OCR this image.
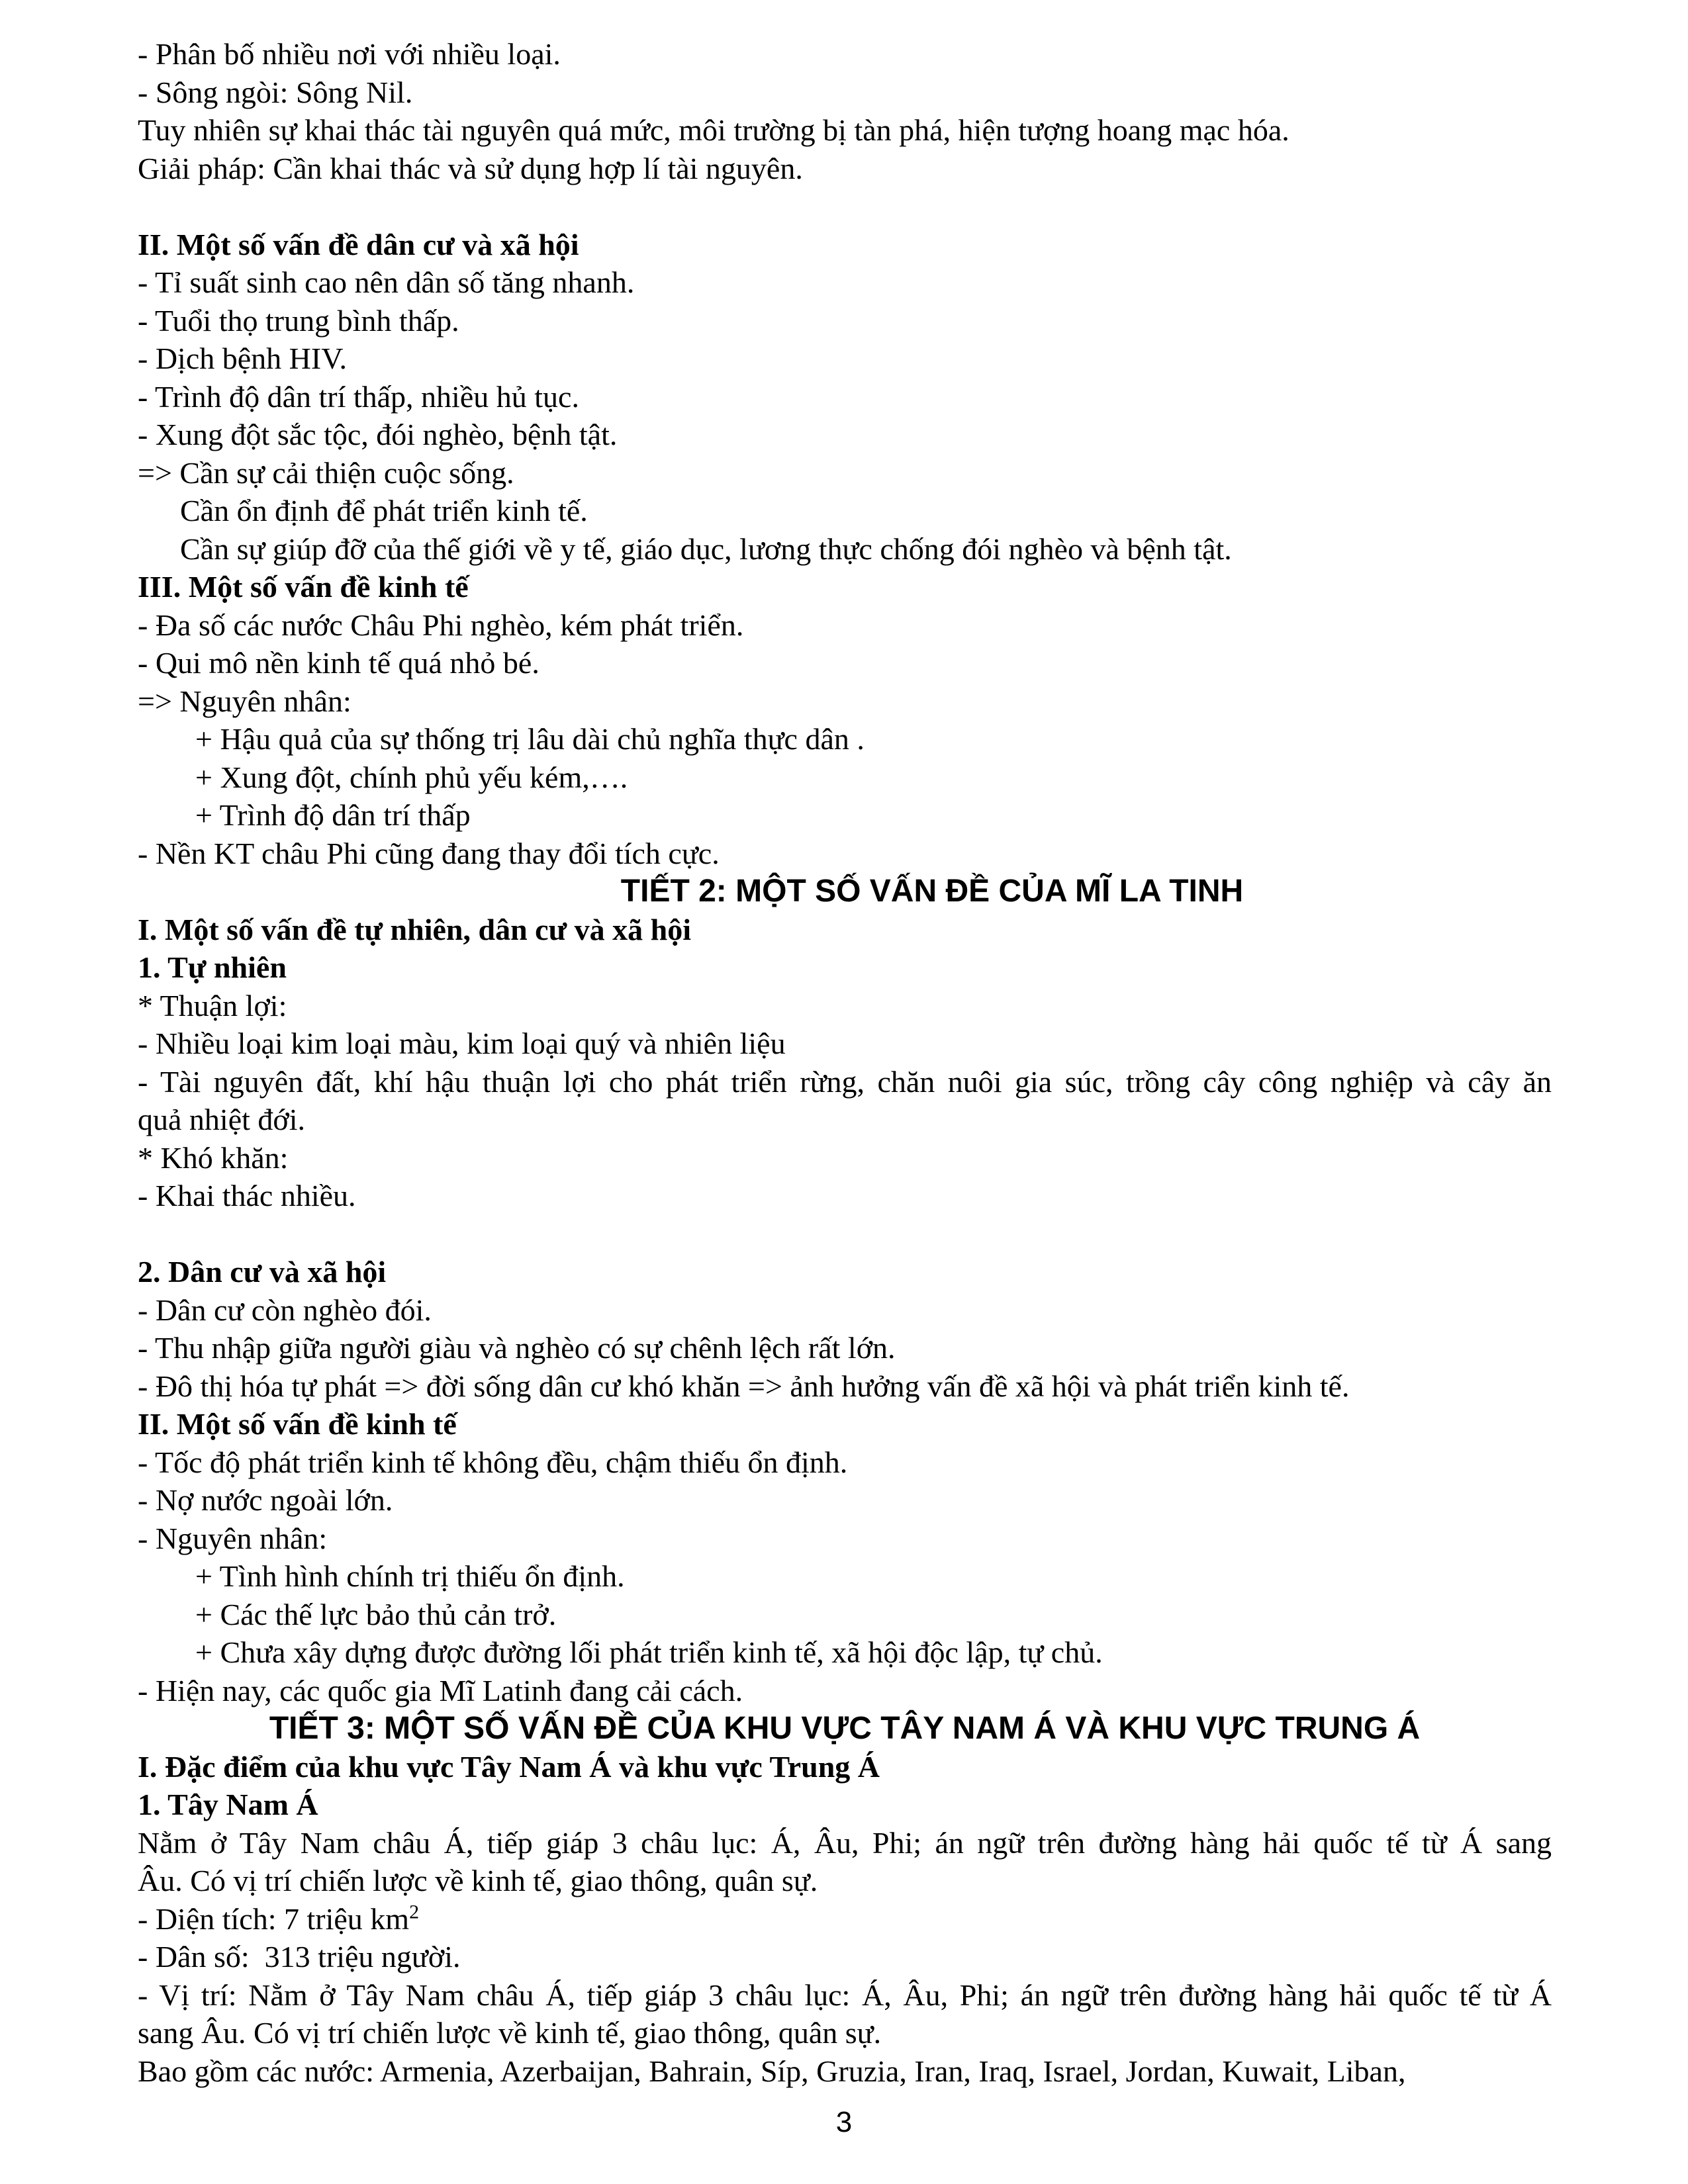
- Phân bố nhiều nơi với nhiều loại.
- Sông ngòi: Sông Nil.
Tuy nhiên sự khai thác tài nguyên quá mức, môi trường bị tàn phá, hiện tượng hoang mạc hóa.
Giải pháp: Cần khai thác và sử dụng hợp lí tài nguyên.
II. Một số vấn đề dân cư và xã hội
- Tỉ suất sinh cao nên dân số tăng nhanh.
- Tuổi thọ trung bình thấp.
- Dịch bệnh HIV.
- Trình độ dân trí thấp, nhiều hủ tục.
- Xung đột sắc tộc, đói nghèo, bệnh tật.
=> Cần sự cải thiện cuộc sống.
Cần ổn định để phát triển kinh tế.
Cần sự giúp đỡ của thế giới về y tế, giáo dục, lương thực chống đói nghèo và bệnh tật.
III. Một số vấn đề kinh tế
- Đa số các nước Châu Phi nghèo, kém phát triển.
- Qui mô nền kinh tế quá nhỏ bé.
=> Nguyên nhân:
+ Hậu quả của sự thống trị lâu dài chủ nghĩa thực dân .
+ Xung đột, chính phủ yếu kém,….
+ Trình độ dân trí thấp
- Nền KT châu Phi cũng đang thay đổi tích cực.
TIẾT 2: MỘT SỐ VẤN ĐỀ CỦA MĨ LA TINH
I. Một số vấn đề tự nhiên, dân cư và xã hội
1. Tự nhiên
* Thuận lợi:
- Nhiều loại kim loại màu, kim loại quý và nhiên liệu
- Tài nguyên đất, khí hậu thuận lợi cho phát triển rừng, chăn nuôi gia súc, trồng cây công nghiệp và cây ăn
quả nhiệt đới.
* Khó khăn:
- Khai thác nhiều.
2. Dân cư và xã hội
- Dân cư còn nghèo đói.
- Thu nhập giữa người giàu và nghèo có sự chênh lệch rất lớn.
- Đô thị hóa tự phát => đời sống dân cư khó khăn => ảnh hưởng vấn đề xã hội và phát triển kinh tế.
II. Một số vấn đề kinh tế
- Tốc độ phát triển kinh tế không đều, chậm thiếu ổn định.
- Nợ nước ngoài lớn.
- Nguyên nhân:
+ Tình hình chính trị thiếu ổn định.
+ Các thế lực bảo thủ cản trở.
+ Chưa xây dựng được đường lối phát triển kinh tế, xã hội độc lập, tự chủ.
- Hiện nay, các quốc gia Mĩ Latinh đang cải cách.
TIẾT 3: MỘT SỐ VẤN ĐỀ CỦA KHU VỰC TÂY NAM Á VÀ KHU VỰC TRUNG Á
I. Đặc điểm của khu vực Tây Nam Á và khu vực Trung Á
1. Tây Nam Á
Nằm ở Tây Nam châu Á, tiếp giáp 3 châu lục: Á, Âu, Phi; án ngữ trên đường hàng hải quốc tế từ Á sang
Âu. Có vị trí chiến lược về kinh tế, giao thông, quân sự.
- Diện tích: 7 triệu $km^2$
- Dân số:  313 triệu người.
- Vị trí: Nằm ở Tây Nam châu Á, tiếp giáp 3 châu lục: Á, Âu, Phi; án ngữ trên đường hàng hải quốc tế từ Á
sang Âu. Có vị trí chiến lược về kinh tế, giao thông, quân sự.
Bao gồm các nước: Armenia, Azerbaijan, Bahrain, Síp, Gruzia, Iran, Iraq, Israel, Jordan, Kuwait, Liban,
3
